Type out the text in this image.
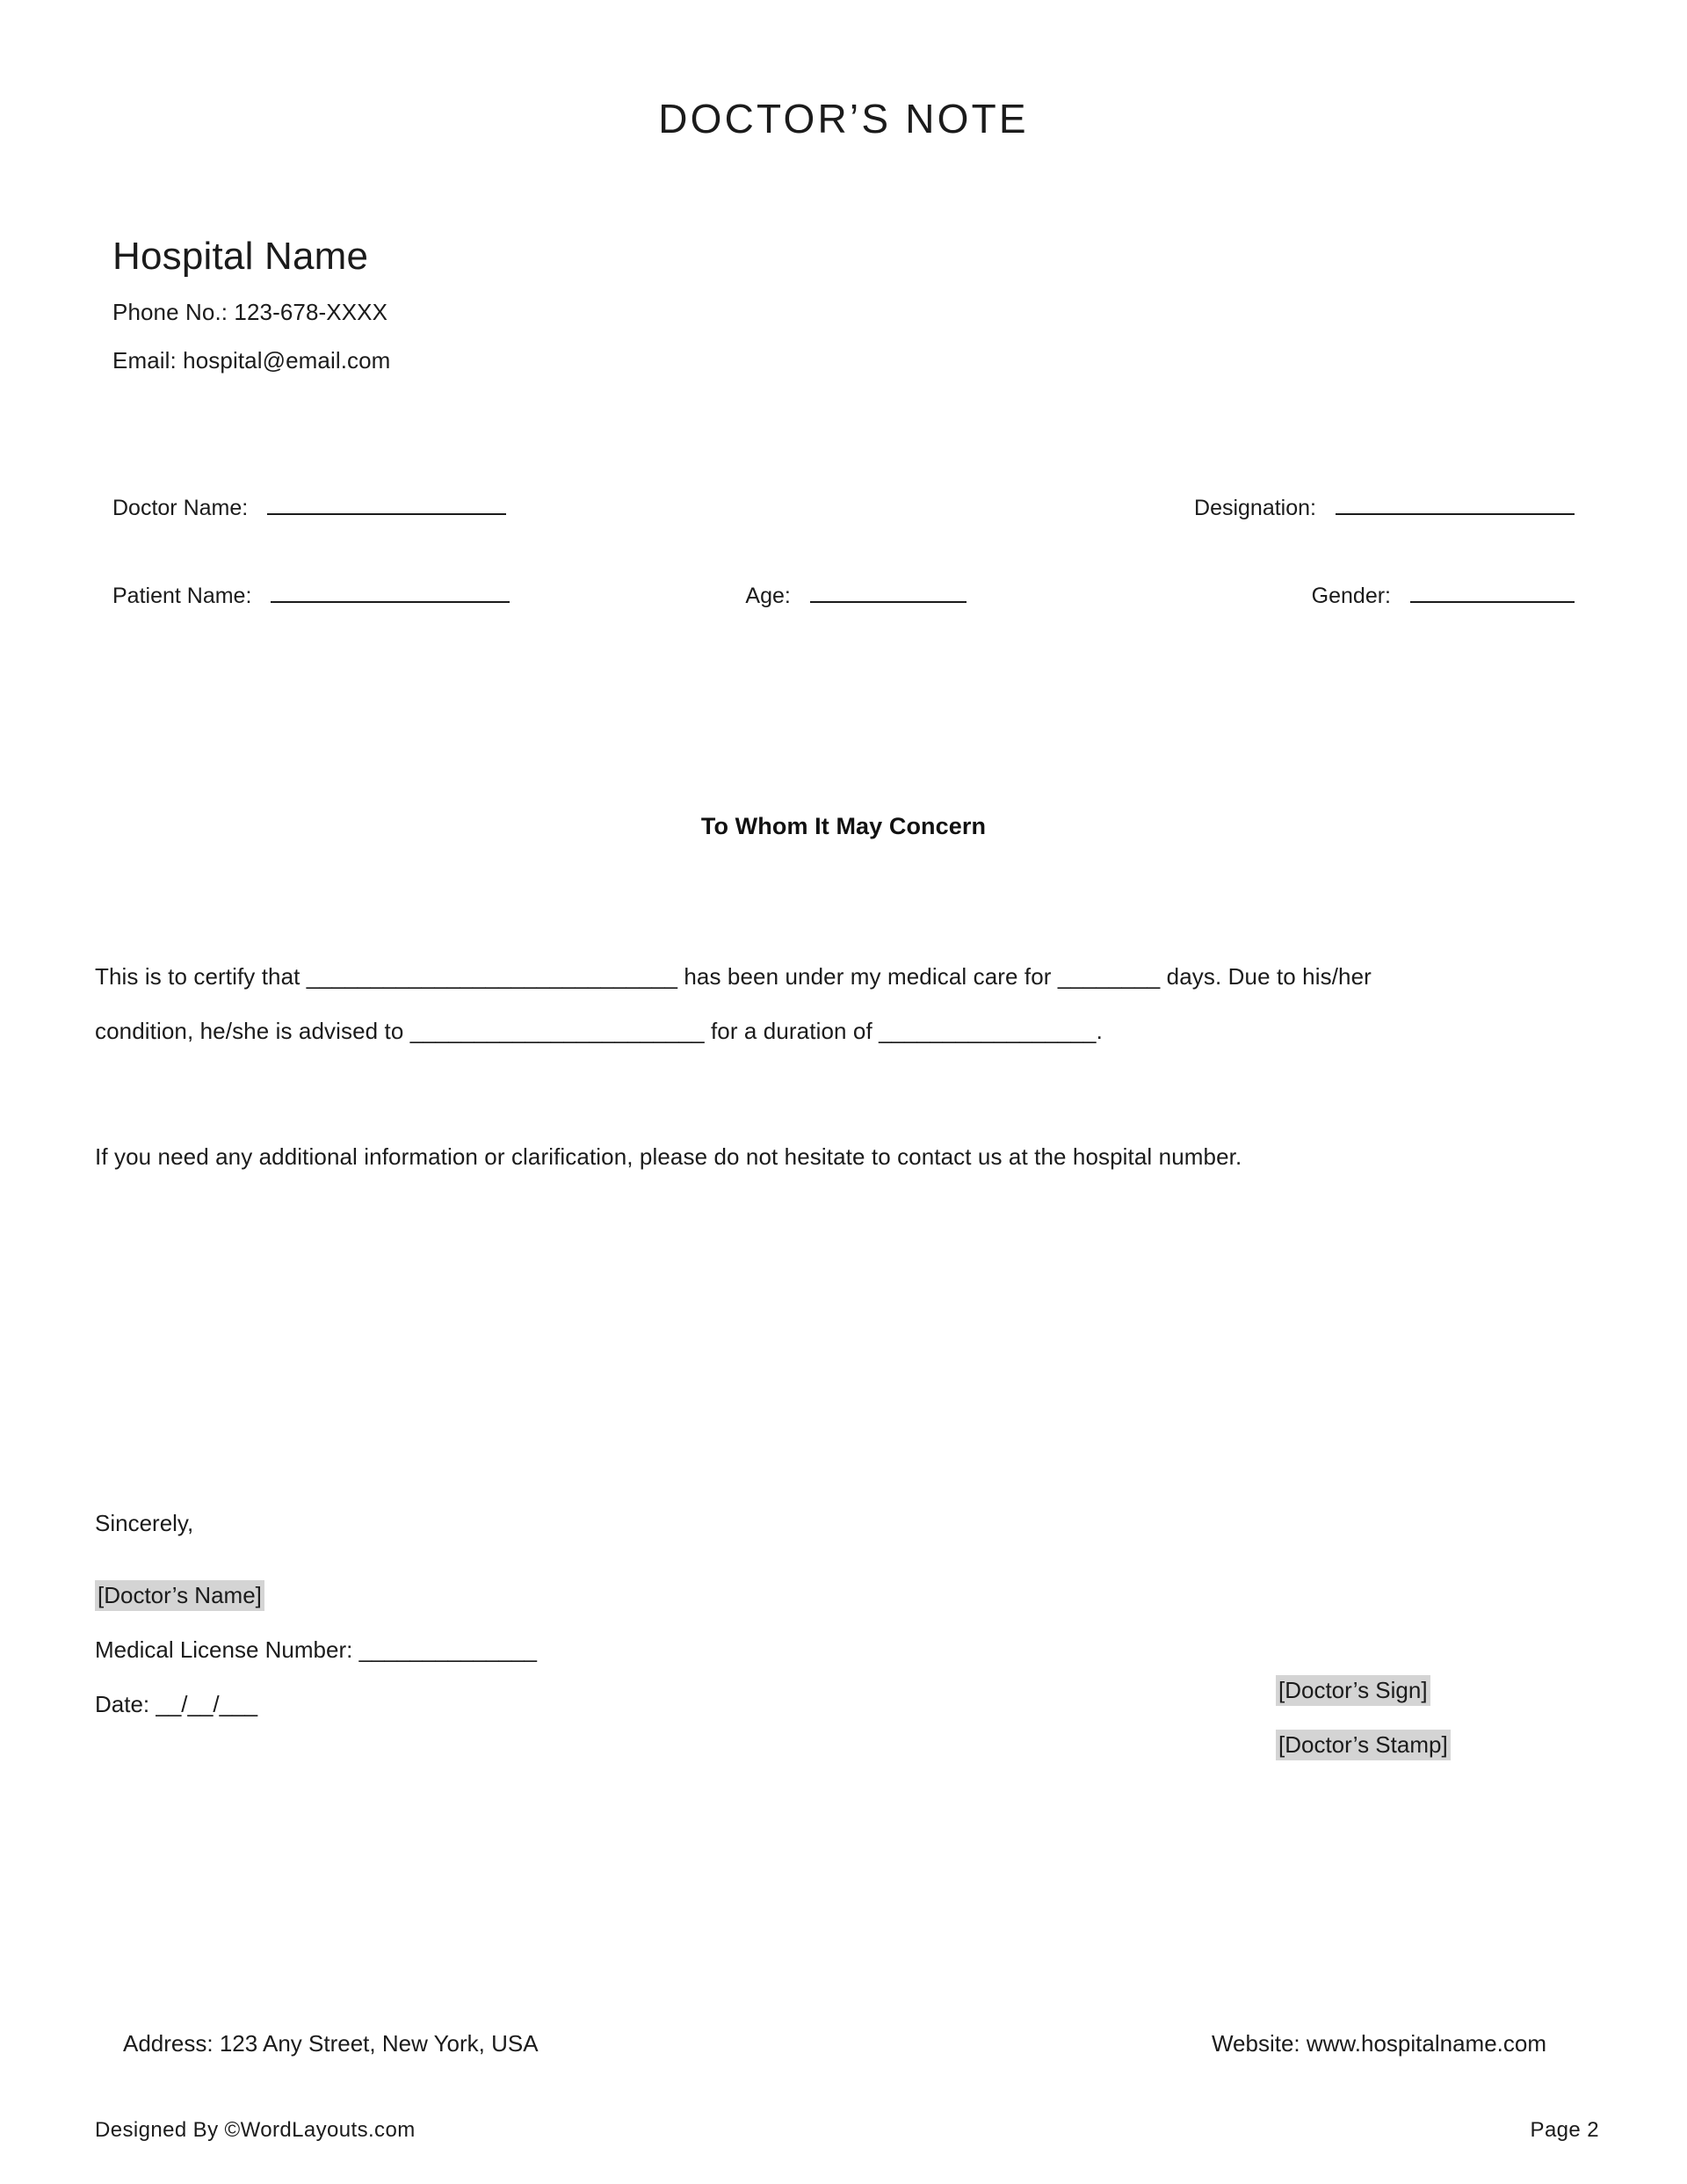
DOCTOR’S NOTE
Hospital Name
Phone No.: 123-678-XXXX
Email: hospital@email.com
Doctor Name:	Designation:
Patient Name:	Age:	Gender:
To Whom It May Concern
This is to certify that _____________________________ has been under my medical care for ________ days. Due to his/her
condition, he/she is advised to _______________________ for a duration of _________________.
If you need any additional information or clarification, please do not hesitate to contact us at the hospital number.
Sincerely,
[Doctor’s Name]
Medical License Number: ______________
Date: __/__/___
[Doctor’s Sign]
[Doctor’s Stamp]
Address: 123 Any Street, New York, USA	Website: www.hospitalname.com
Designed By ©WordLayouts.com	Page 2
